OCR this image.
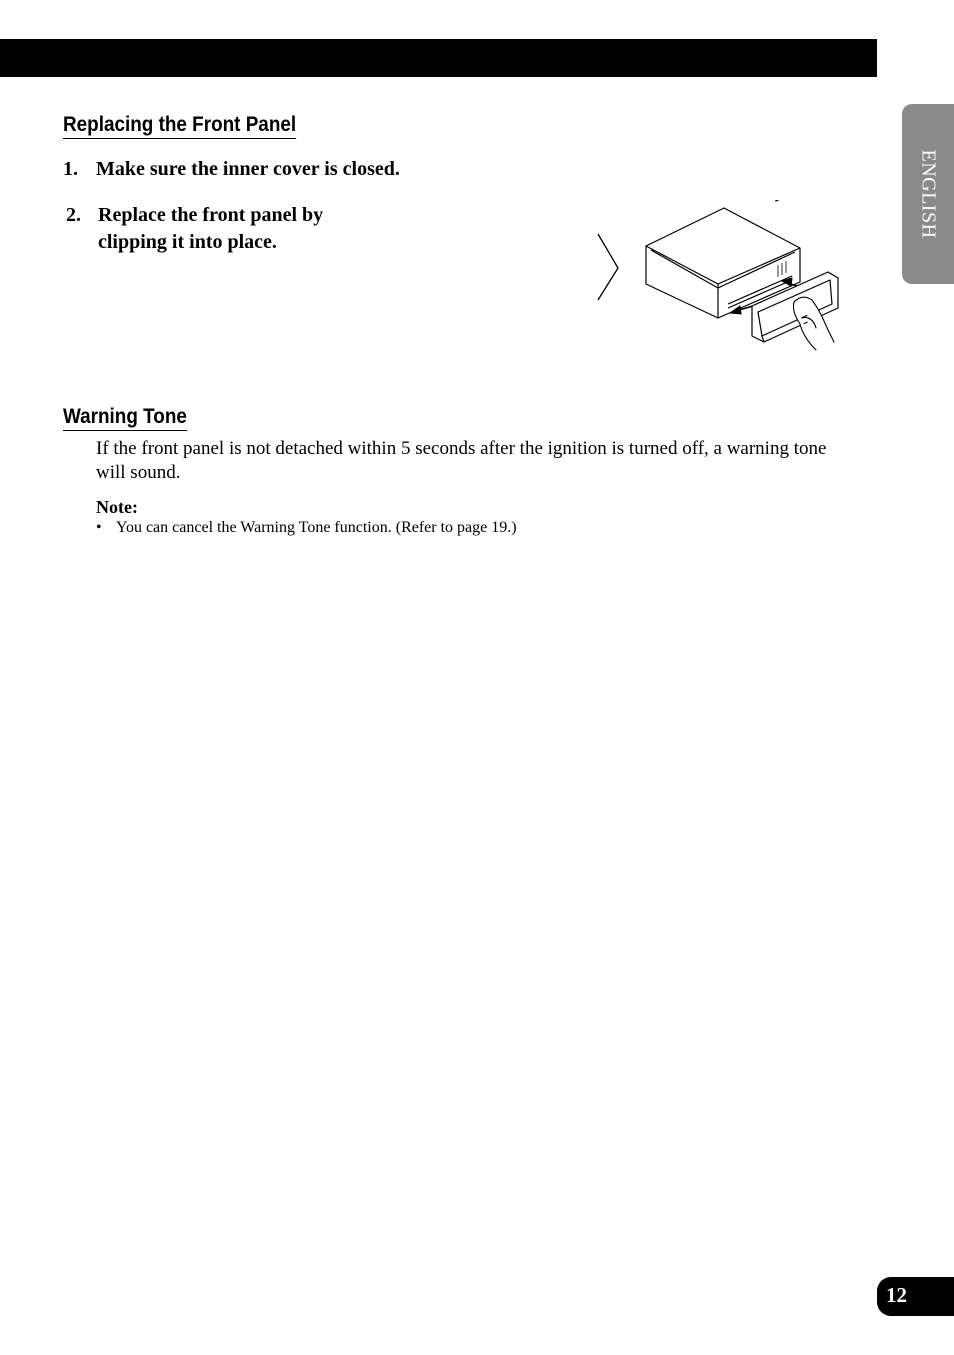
ENGLISH
Replacing the Front Panel
1. Make sure the inner cover is closed.
2. Replace the front panel by clipping it into place.
Warning Tone
If the front panel is not detached within 5 seconds after the ignition is turned off, a warning tone will sound.
Note:
• You can cancel the Warning Tone function. (Refer to page 19.)
12
